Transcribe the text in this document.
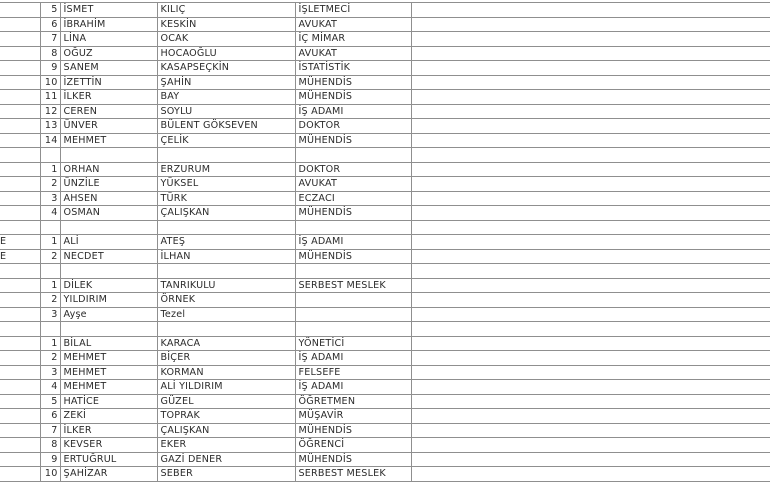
	5	İSMET	KILIÇ	İŞLETMECİ	
	6	İBRAHİM	KESKİN	AVUKAT	
	7	LİNA	OCAK	İÇ MİMAR	
	8	OĞUZ	HOCAOĞLU	AVUKAT	
	9	SANEM	KASAPSEÇKİN	İSTATİSTİK	
	10	İZETTİN	ŞAHİN	MÜHENDİS	
	11	İLKER	BAY	MÜHENDİS	
	12	CEREN	SOYLU	İŞ ADAMI	
	13	ÜNVER	BÜLENT GÖKSEVEN	DOKTOR	
	14	MEHMET	ÇELİK	MÜHENDİS	

	1	ORHAN	ERZURUM	DOKTOR	
	2	ÜNZİLE	YÜKSEL	AVUKAT	
	3	AHSEN	TÜRK	ECZACI	
	4	OSMAN	ÇALIŞKAN	MÜHENDİS	

E	1	ALİ	ATEŞ	İŞ ADAMI	
E	2	NECDET	İLHAN	MÜHENDİS	

	1	DİLEK	TANRIKULU	SERBEST MESLEK	
	2	YILDIRIM	ÖRNEK		
	3	Ayşe	Tezel		

	1	BİLAL	KARACA	YÖNETİCİ	
	2	MEHMET	BİÇER	İŞ ADAMI	
	3	MEHMET	KORMAN	FELSEFE	
	4	MEHMET	ALİ YILDIRIM	İŞ ADAMI	
	5	HATİCE	GÜZEL	ÖĞRETMEN	
	6	ZEKİ	TOPRAK	MÜŞAVİR	
	7	İLKER	ÇALIŞKAN	MÜHENDİS	
	8	KEVSER	EKER	ÖĞRENCİ	
	9	ERTUĞRUL	GAZİ DENER	MÜHENDİS	
	10	ŞAHİZAR	SEBER	SERBEST MESLEK	
